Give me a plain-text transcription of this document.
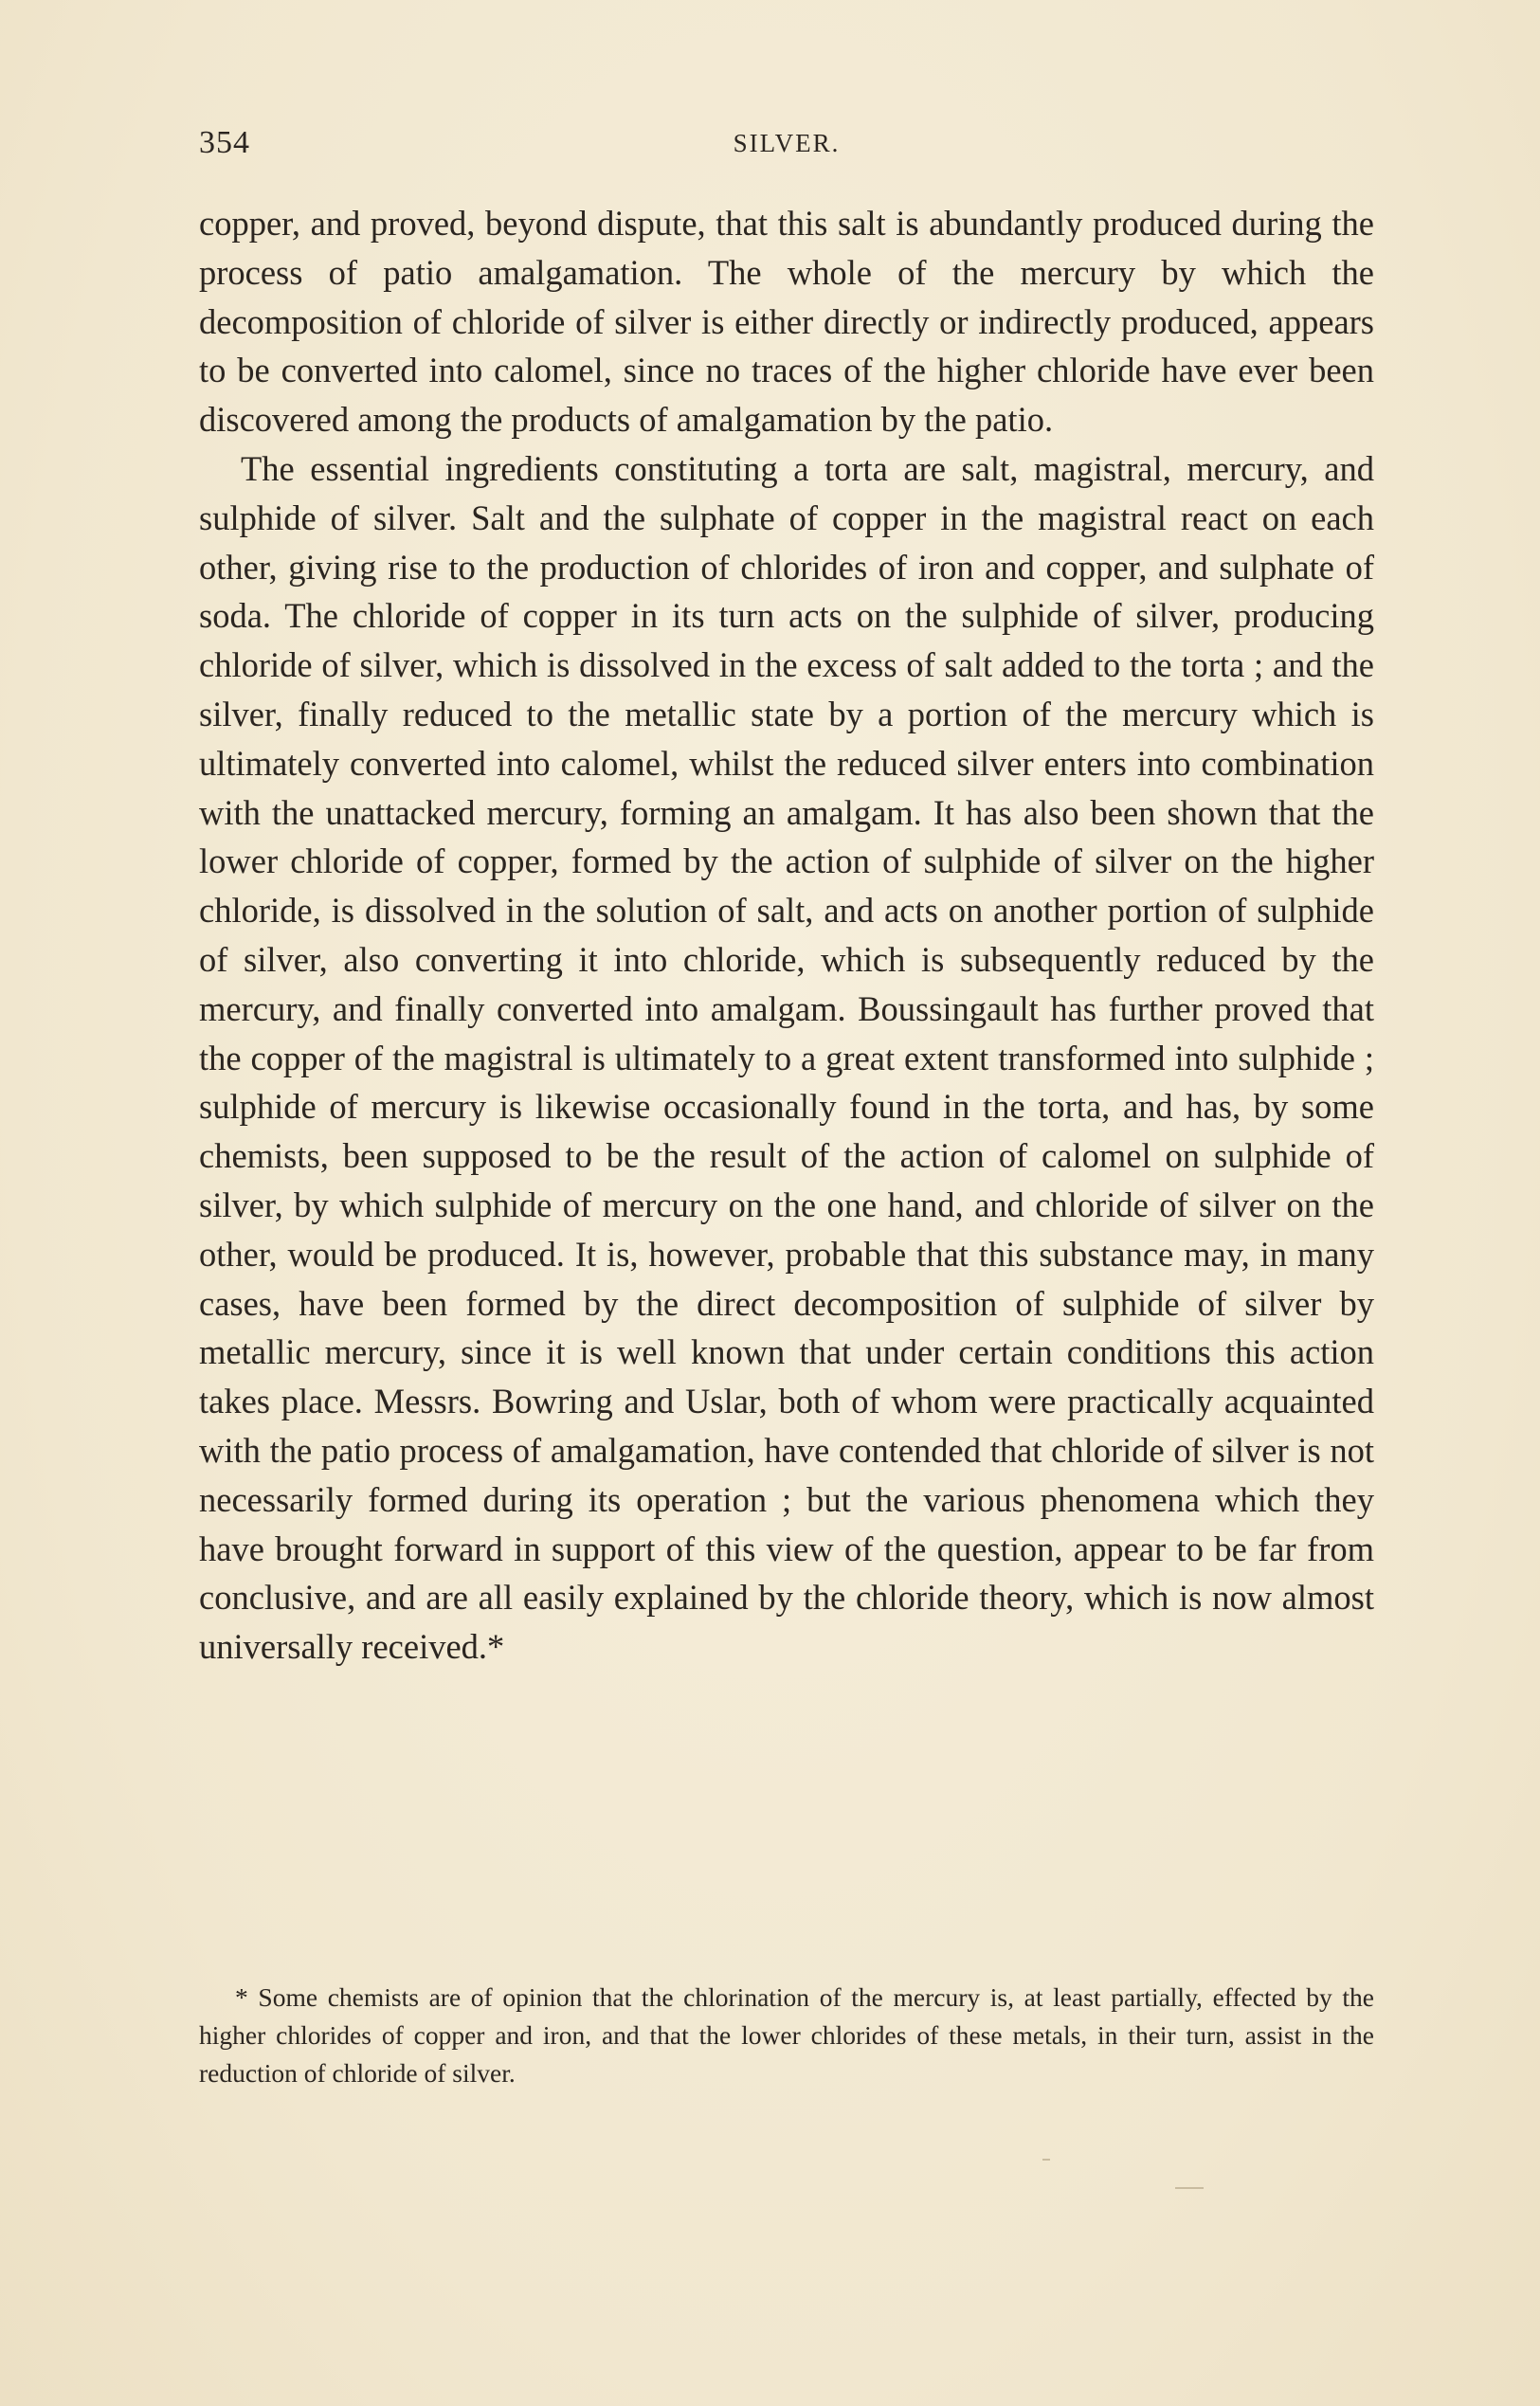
354	SILVER.

copper, and proved, beyond dispute, that this salt is abundantly produced during the process of patio amalgamation. The whole of the mercury by which the decomposition of chloride of silver is either directly or indirectly produced, appears to be converted into calomel, since no traces of the higher chloride have ever been discovered among the products of amalgamation by the patio.

The essential ingredients constituting a torta are salt, magistral, mercury, and sulphide of silver. Salt and the sulphate of copper in the magistral react on each other, giving rise to the production of chlorides of iron and copper, and sulphate of soda. The chloride of copper in its turn acts on the sulphide of silver, producing chloride of silver, which is dissolved in the excess of salt added to the torta ; and the silver, finally reduced to the metallic state by a portion of the mercury which is ultimately converted into calomel, whilst the reduced silver enters into combination with the unattacked mercury, forming an amalgam. It has also been shown that the lower chloride of copper, formed by the action of sulphide of silver on the higher chloride, is dissolved in the solution of salt, and acts on another portion of sulphide of silver, also converting it into chloride, which is subsequently reduced by the mercury, and finally converted into amalgam. Boussingault has further proved that the copper of the magistral is ultimately to a great extent transformed into sulphide ; sulphide of mercury is likewise occasionally found in the torta, and has, by some chemists, been supposed to be the result of the action of calomel on sulphide of silver, by which sulphide of mercury on the one hand, and chloride of silver on the other, would be produced. It is, however, probable that this substance may, in many cases, have been formed by the direct decomposition of sulphide of silver by metallic mercury, since it is well known that under certain conditions this action takes place. Messrs. Bowring and Uslar, both of whom were practically acquainted with the patio process of amalgamation, have contended that chloride of silver is not necessarily formed during its operation ; but the various phenomena which they have brought forward in support of this view of the question, appear to be far from conclusive, and are all easily explained by the chloride theory, which is now almost universally received.*

* Some chemists are of opinion that the chlorination of the mercury is, at least partially, effected by the higher chlorides of copper and iron, and that the lower chlorides of these metals, in their turn, assist in the reduction of chloride of silver.
